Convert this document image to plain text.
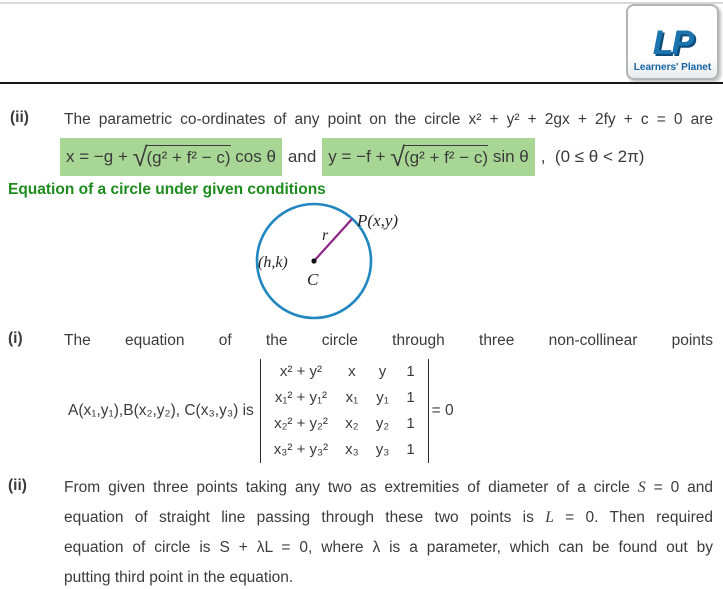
LP
Learners' Planet
(ii) The parametric co-ordinates of any point on the circle x² + y² + 2gx + 2fy + c = 0 are
x = −g + √ (g² + f² − c) cos θ and y = −f + √ (g² + f² − c) sin θ ,  (0 ≤ θ < 2π)
Equation of a circle under given conditions
P(x,y)
r
(h,k)
C
(i)	The equation of the circle through three non-collinear points
A(x₁,y₁),B(x₂,y₂), C(x₃,y₃) is
x² + y² x y 1
x₁² + y₁² x₁ y₁ 1
x₂² + y₂² x₂ y₂ 1
x₃² + y₃² x₃ y₃ 1
= 0
(ii) From given three points taking any two as extremities of diameter of a circle S = 0 and
equation of straight line passing through these two points is L = 0. Then required
equation of circle is S + λL = 0, where λ is a parameter, which can be found out by
putting third point in the equation.
